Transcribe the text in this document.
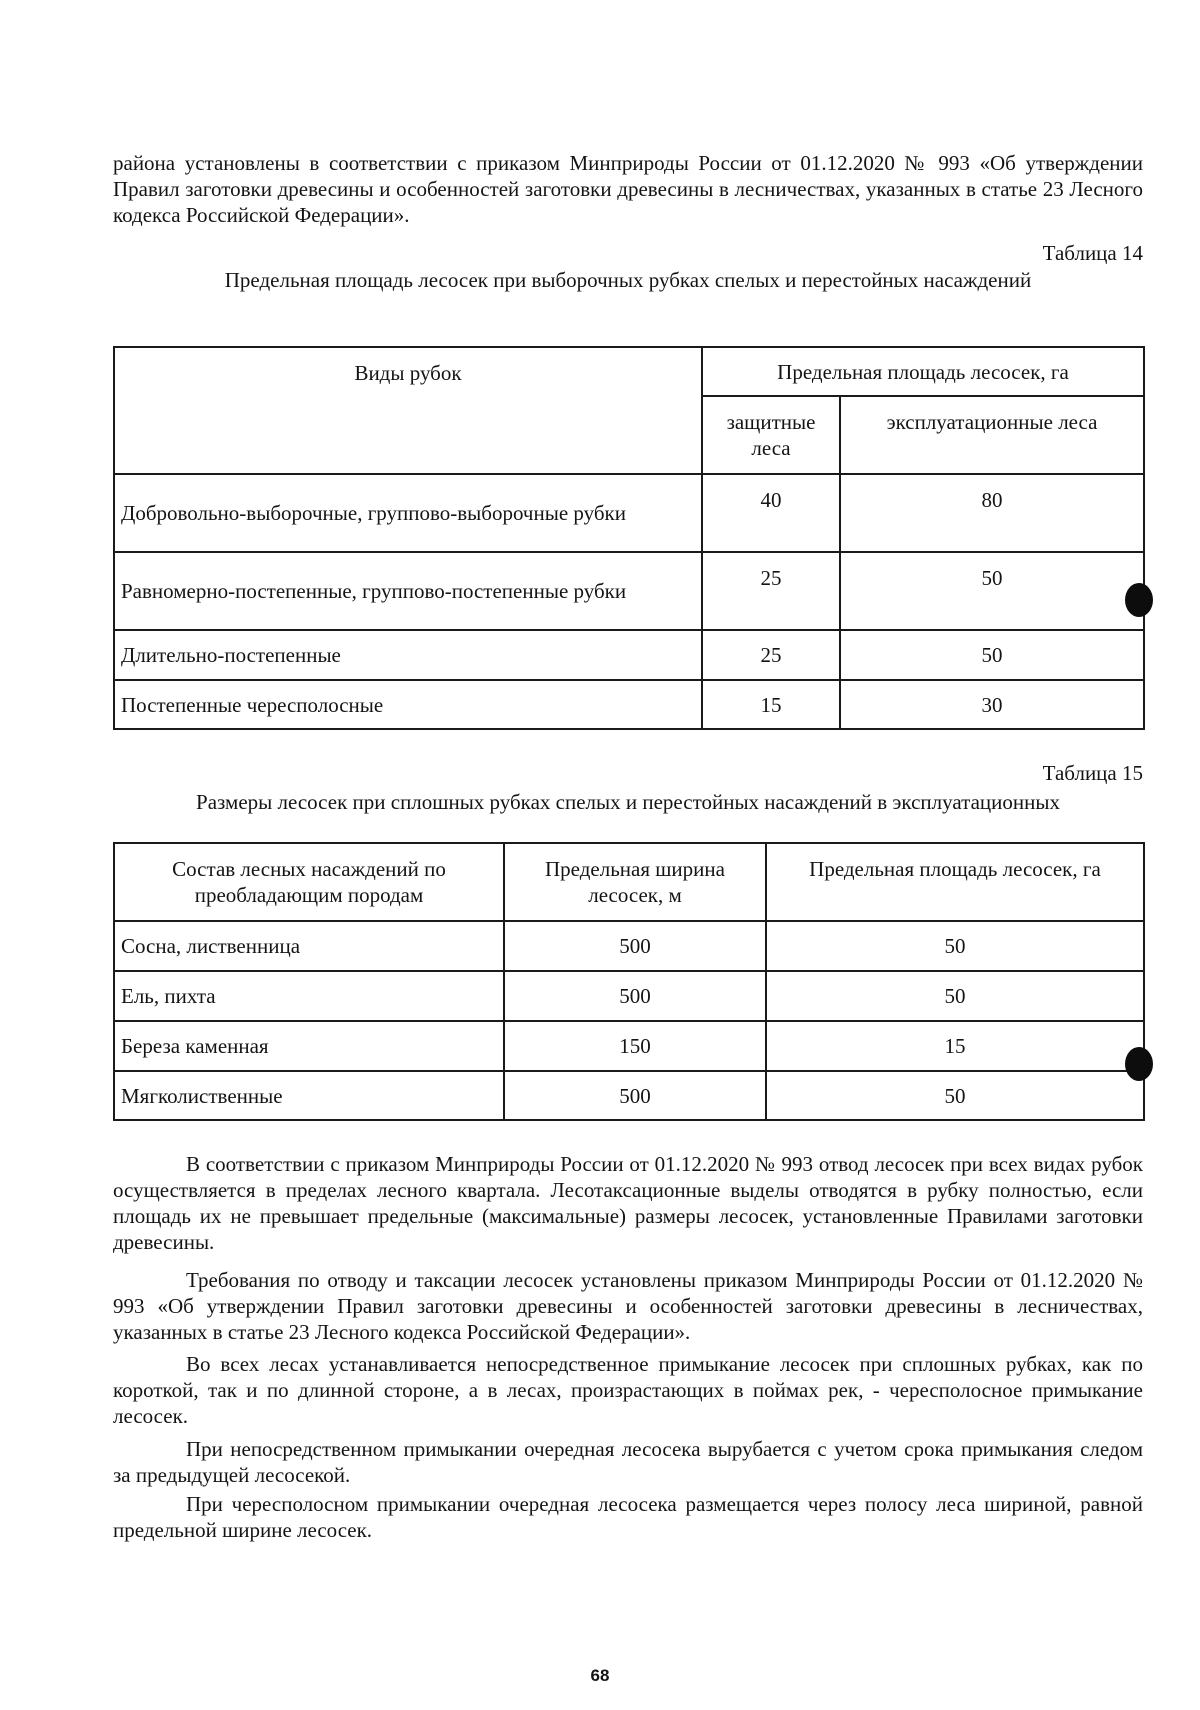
района установлены в соответствии с приказом Минприроды России от 01.12.2020 № 993 «Об утверждении Правил заготовки древесины и особенностей заготовки древесины в лесничествах, указанных в статье 23 Лесного кодекса Российской Федерации».

Таблица 14
Предельная площадь лесосек при выборочных рубках спелых и перестойных насаждений
Виды рубок	Предельная площадь лесосек, га	
	защитные леса	эксплуатационные леса
Добровольно-выборочные, группово-выборочные рубки	40	80
Равномерно-постепенные, группово-постепенные рубки	25	50
Длительно-постепенные	25	50
Постепенные чересполосные	15	30
Таблица 15
Размеры лесосек при сплошных рубках спелых и перестойных насаждений в эксплуатационных
Состав лесных насаждений по преобладающим породам	Предельная ширина лесосек, м	Предельная площадь лесосек, га
Сосна, лиственница	500	50
Ель, пихта	500	50
Береза каменная	150	15
Мягколиственные	500	50

В соответствии с приказом Минприроды России от 01.12.2020 № 993 отвод лесосек при всех видах рубок осуществляется в пределах лесного квартала. Лесотаксационные выделы отводятся в рубку полностью, если площадь их не превышает предельные (максимальные) размеры лесосек, установленные Правилами заготовки древесины.

Требования по отводу и таксации лесосек установлены приказом Минприроды России от 01.12.2020 № 993 «Об утверждении Правил заготовки древесины и особенностей заготовки древесины в лесничествах, указанных в статье 23 Лесного кодекса Российской Федерации».

Во всех лесах устанавливается непосредственное примыкание лесосек при сплошных рубках, как по короткой, так и по длинной стороне, а в лесах, произрастающих в поймах рек, - чересполосное примыкание лесосек.

При непосредственном примыкании очередная лесосека вырубается с учетом срока примыкания следом за предыдущей лесосекой.

При чересполосном примыкании очередная лесосека размещается через полосу леса шириной, равной предельной ширине лесосек.

68
